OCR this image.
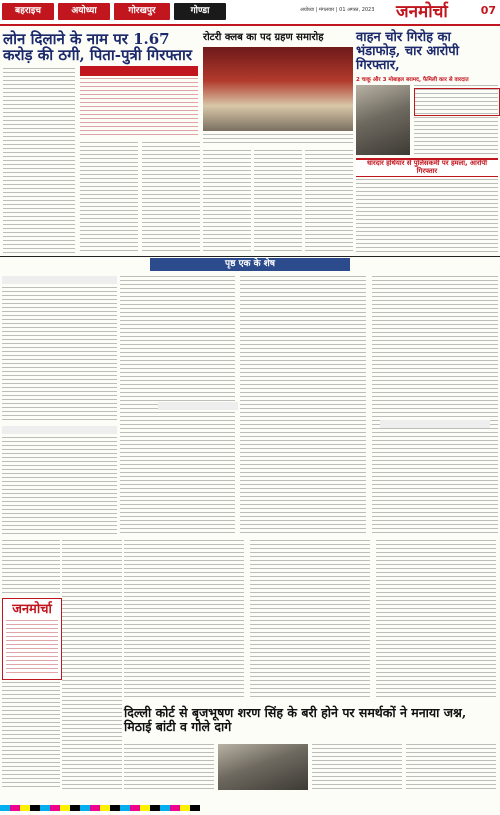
बहराइच	अयोध्या	गोरखपुर	गोण्डा	अयोध्या | मंगलवार | 01 अगस्त, 2023 जनमोर्चा	07
लोन दिलाने के नाम पर 1.67 करोड़ की ठगी, पिता-पुत्री गिरफ्तार
रोटरी क्लब का पद ग्रहण समारोह	वाहन चोर गिरोह का भंडाफोड़, चार आरोपी गिरफ्तार,
2 चाकू और 3 मोबाइल बरामद, फैमिली कार से वारदात
धारदार हथियार से पुलिसकर्मी पर हमला, आरोपी गिरफ्तार
पृष्ठ एक के शेष
जनमोर्चा
दिल्ली कोर्ट से बृजभूषण शरण सिंह के बरी होने पर समर्थकों ने मनाया जश्न, मिठाई बांटी व गोले दागे
